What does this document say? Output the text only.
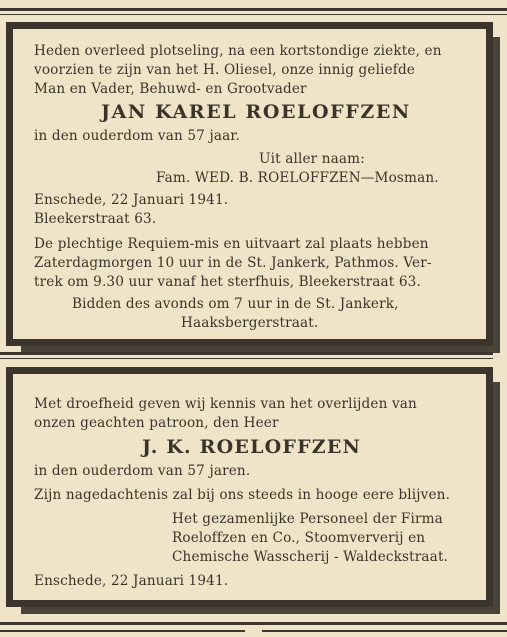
Heden overleed plotseling, na een kortstondige ziekte, en
voorzien te zijn van het H. Oliesel, onze innig geliefde
Man en Vader, Behuwd- en Grootvader
JAN KAREL ROELOFFZEN
in den ouderdom van 57 jaar.
Uit aller naam:
Fam. WED. B. ROELOFFZEN—Mosman.
Enschede, 22 Januari 1941.
Bleekerstraat 63.
De plechtige Requiem-mis en uitvaart zal plaats hebben
Zaterdagmorgen 10 uur in de St. Jankerk, Pathmos. Ver-
trek om 9.30 uur vanaf het sterfhuis, Bleekerstraat 63.
Bidden des avonds om 7 uur in de St. Jankerk,
Haaksbergerstraat.
Met droefheid geven wij kennis van het overlijden van
onzen geachten patroon, den Heer
J. K. ROELOFFZEN
in den ouderdom van 57 jaren.
Zijn nagedachtenis zal bij ons steeds in hooge eere blijven.
Het gezamenlijke Personeel der Firma
Roeloffzen en Co., Stoomververij en
Chemische Wasscherij - Waldeckstraat.
Enschede, 22 Januari 1941.
